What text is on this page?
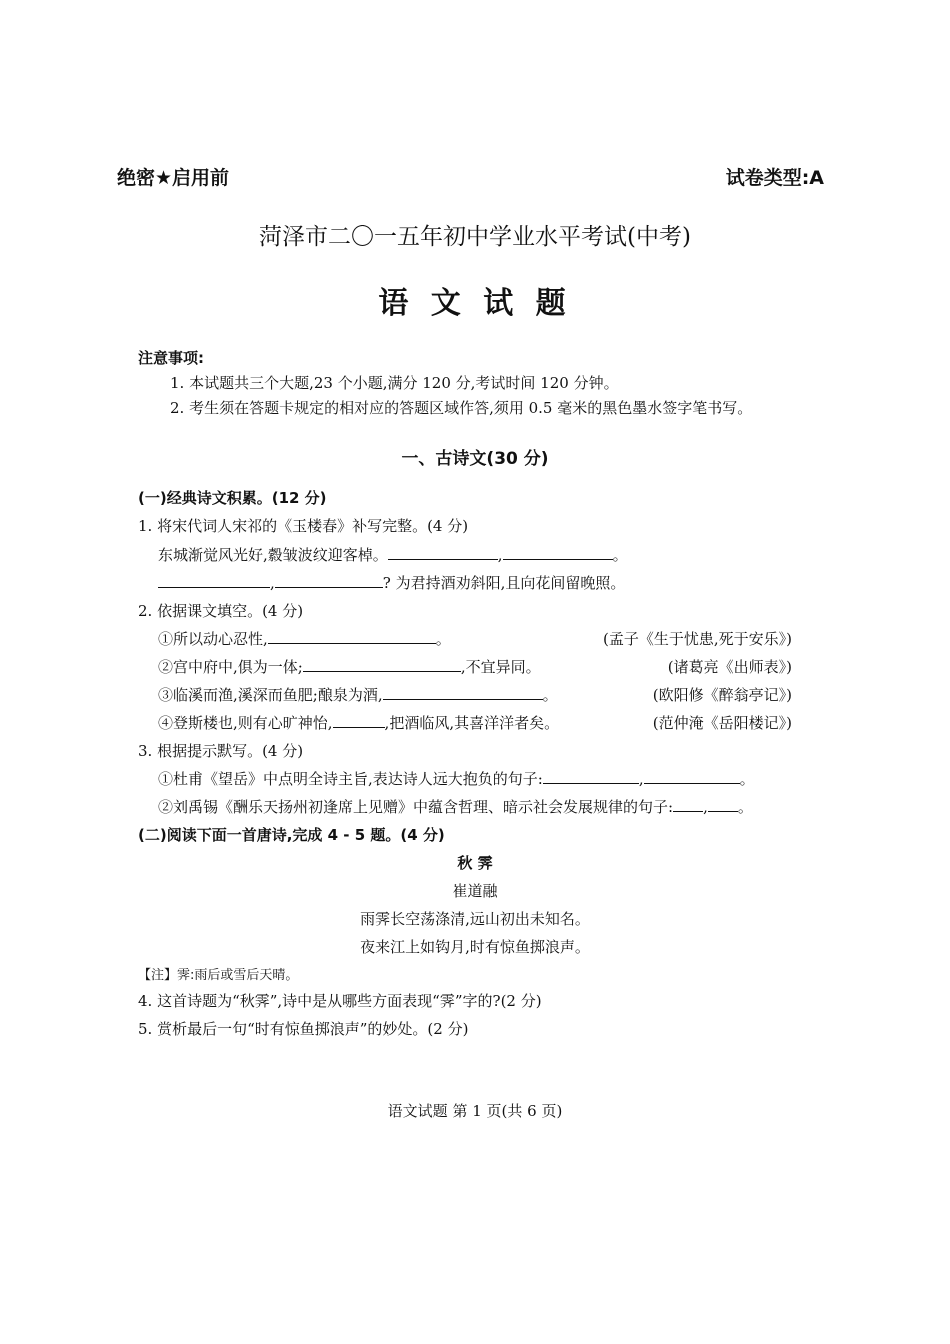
绝密★启用前	试卷类型:A
菏泽市二〇一五年初中学业水平考试(中考)
语 文 试 题
注意事项:
1. 本试题共三个大题,23 个小题,满分 120 分,考试时间 120 分钟。
2. 考生须在答题卡规定的相对应的答题区域作答,须用 0.5 毫米的黑色墨水签字笔书写。
一、古诗文(30 分)
(一)经典诗文积累。(12 分)
1. 将宋代词人宋祁的《玉楼春》补写完整。(4 分)
东城渐觉风光好,縠皱波纹迎客棹。	,	。
,	? 为君持酒劝斜阳,且向花间留晚照。
2. 依据课文填空。(4 分)
①所以动心忍性,	。	(孟子《生于忧患,死于安乐》)
②宫中府中,俱为一体;	,不宜异同。	(诸葛亮《出师表》)
③临溪而渔,溪深而鱼肥;酿泉为酒,	。	(欧阳修《醉翁亭记》)
④登斯楼也,则有心旷神怡,	,把酒临风,其喜洋洋者矣。	(范仲淹《岳阳楼记》)
3. 根据提示默写。(4 分)
①杜甫《望岳》中点明全诗主旨,表达诗人远大抱负的句子:	,	。
②刘禹锡《酬乐天扬州初逢席上见赠》中蕴含哲理、暗示社会发展规律的句子: , 。
(二)阅读下面一首唐诗,完成 4 - 5 题。(4 分)
秋 霁
崔道融
雨霁长空荡涤清,远山初出未知名。
夜来江上如钩月,时有惊鱼掷浪声。
【注】霁:雨后或雪后天晴。
4. 这首诗题为“秋霁”,诗中是从哪些方面表现“霁”字的?(2 分)
5. 赏析最后一句“时有惊鱼掷浪声”的妙处。(2 分)
语文试题 第 1 页(共 6 页)
